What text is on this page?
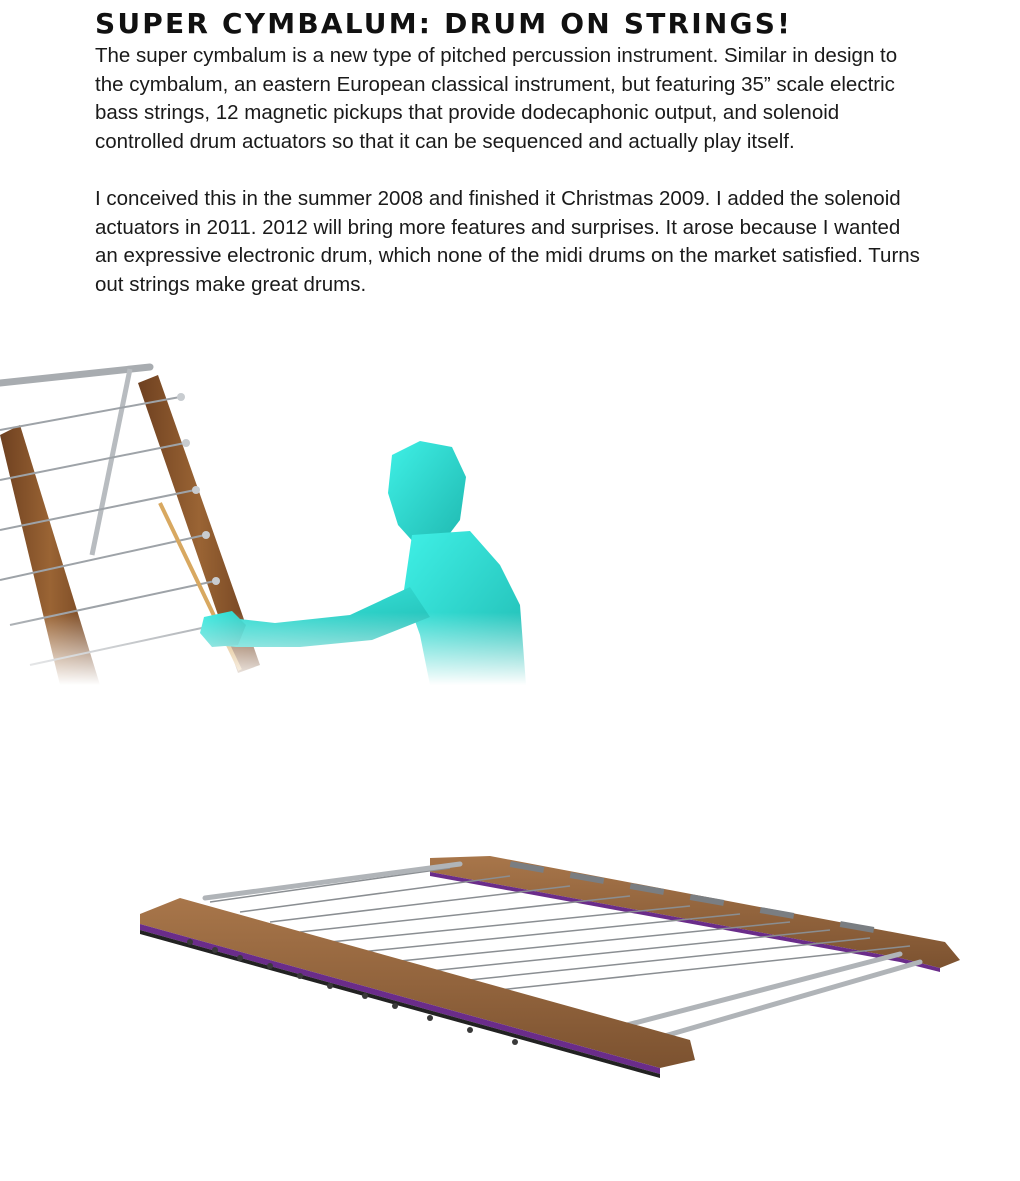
SUPER CYMBALUM: DRUM ON STRINGS!

The super cymbalum is a new type of pitched percussion instrument. Similar in design to the cymbalum, an eastern European classical instrument, but featuring 35” scale electric bass strings, 12 magnetic pickups that provide dodecaphonic output, and solenoid controlled drum actuators so that it can be sequenced and actually play itself.

I conceived this in the summer 2008 and finished it Christmas 2009. I added the solenoid actuators in 2011. 2012 will bring more features and surprises. It arose because I wanted an expressive electronic drum, which none of the midi drums on the market satisfied. Turns out strings make great drums.
